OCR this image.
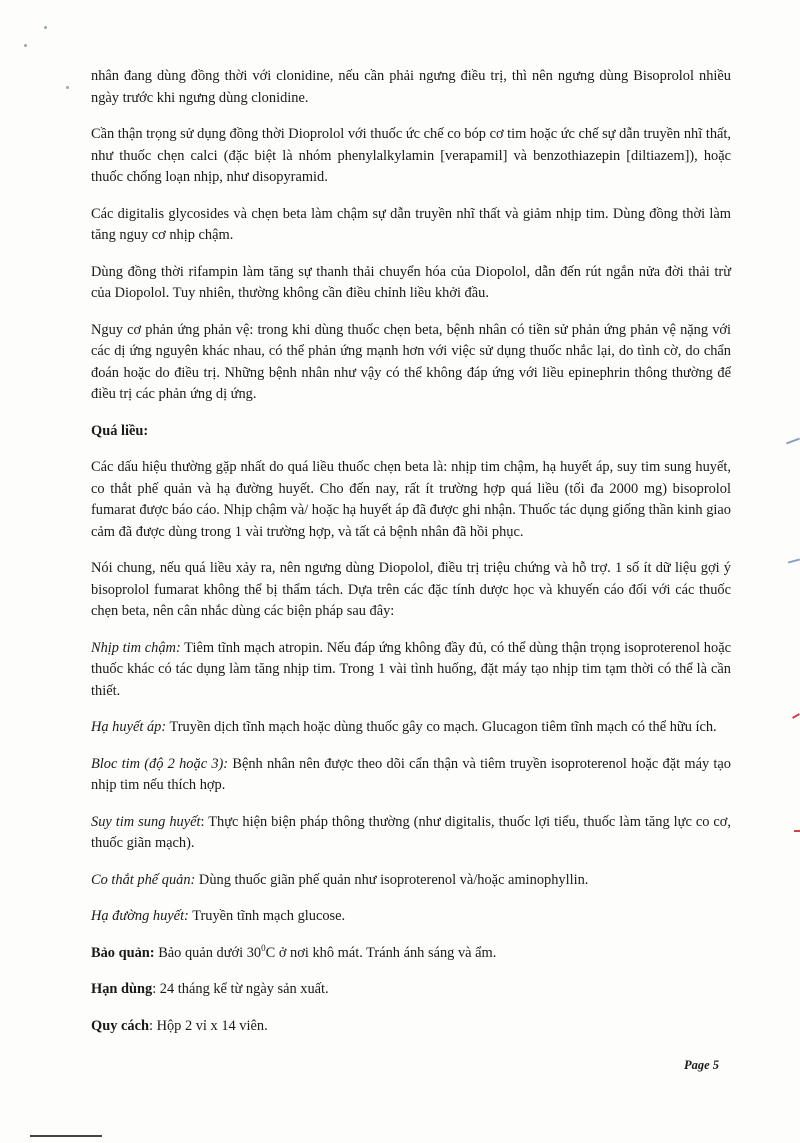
nhân đang dùng đồng thời với clonidine, nếu cần phải ngưng điều trị, thì nên ngưng dùng Bisoprolol nhiều ngày trước khi ngưng dùng clonidine.

Cần thận trọng sử dụng đồng thời Dioprolol với thuốc ức chế co bóp cơ tim hoặc ức chế sự dẫn truyền nhĩ thất, như thuốc chẹn calci (đặc biệt là nhóm phenylalkylamin [verapamil] và benzothiazepin [diltiazem]), hoặc thuốc chống loạn nhịp, như disopyramid.

Các digitalis glycosides và chẹn beta làm chậm sự dẫn truyền nhĩ thất và giảm nhịp tim. Dùng đồng thời làm tăng nguy cơ nhịp chậm.

Dùng đồng thời rifampin làm tăng sự thanh thải chuyển hóa của Diopolol, dẫn đến rút ngắn nửa đời thải trừ của Diopolol. Tuy nhiên, thường không cần điều chỉnh liều khởi đầu.

Nguy cơ phản ứng phản vệ: trong khi dùng thuốc chẹn beta, bệnh nhân có tiền sử phản ứng phản vệ nặng với các dị ứng nguyên khác nhau, có thể phản ứng mạnh hơn với việc sử dụng thuốc nhắc lại, do tình cờ, do chẩn đoán hoặc do điều trị. Những bệnh nhân như vậy có thể không đáp ứng với liều epinephrin thông thường để điều trị các phản ứng dị ứng.

Quá liều:

Các dấu hiệu thường gặp nhất do quá liều thuốc chẹn beta là: nhịp tim chậm, hạ huyết áp, suy tim sung huyết, co thắt phế quản và hạ đường huyết. Cho đến nay, rất ít trường hợp quá liều (tối đa 2000 mg) bisoprolol fumarat được báo cáo. Nhịp chậm và/ hoặc hạ huyết áp đã được ghi nhận. Thuốc tác dụng giống thần kinh giao cảm đã được dùng trong 1 vài trường hợp, và tất cả bệnh nhân đã hồi phục.

Nói chung, nếu quá liều xảy ra, nên ngưng dùng Diopolol, điều trị triệu chứng và hỗ trợ. 1 số ít dữ liệu gợi ý bisoprolol fumarat không thể bị thẩm tách. Dựa trên các đặc tính dược học và khuyến cáo đối với các thuốc chẹn beta, nên cân nhắc dùng các biện pháp sau đây:

Nhịp tim chậm: Tiêm tĩnh mạch atropin. Nếu đáp ứng không đầy đủ, có thể dùng thận trọng isoproterenol hoặc thuốc khác có tác dụng làm tăng nhịp tim. Trong 1 vài tình huống, đặt máy tạo nhịp tim tạm thời có thể là cần thiết.

Hạ huyết áp: Truyền dịch tĩnh mạch hoặc dùng thuốc gây co mạch. Glucagon tiêm tĩnh mạch có thể hữu ích.

Bloc tim (độ 2 hoặc 3): Bệnh nhân nên được theo dõi cẩn thận và tiêm truyền isoproterenol hoặc đặt máy tạo nhịp tim nếu thích hợp.

Suy tim sung huyết: Thực hiện biện pháp thông thường (như digitalis, thuốc lợi tiểu, thuốc làm tăng lực co cơ, thuốc giãn mạch).

Co thắt phế quản: Dùng thuốc giãn phế quản như isoproterenol và/hoặc aminophyllin.

Hạ đường huyết: Truyền tĩnh mạch glucose.

Bảo quản: Bảo quản dưới $30^0C$ ở nơi khô mát. Tránh ánh sáng và ẩm.

Hạn dùng: 24 tháng kể từ ngày sản xuất.

Quy cách: Hộp 2 vỉ x 14 viên.

Page 5
